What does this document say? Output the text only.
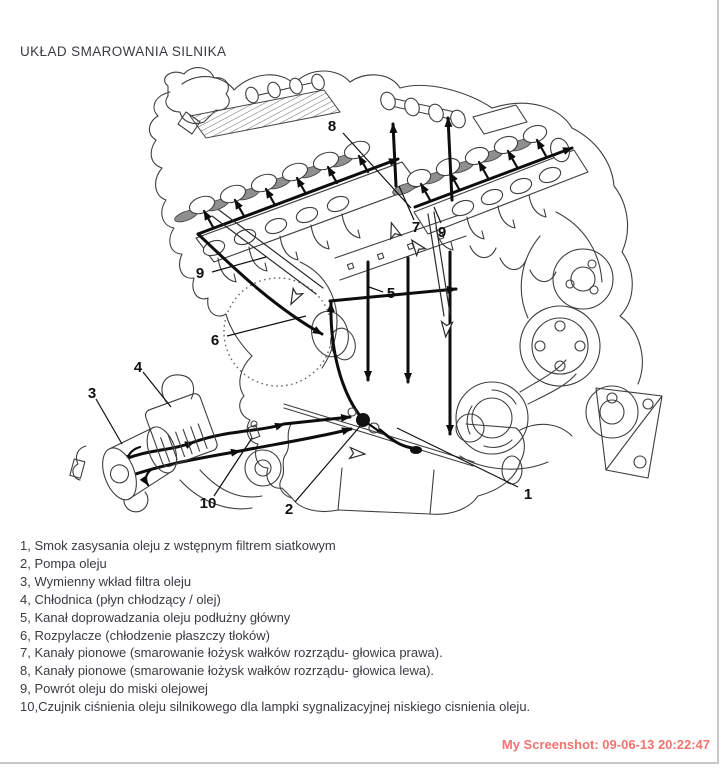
UKŁAD SMAROWANIA SILNIKA
8
7 9
9
5
6
4
3
10	2
1
1, Smok zasysania oleju z wstępnym filtrem siatkowym
2, Pompa oleju
3, Wymienny wkład filtra oleju
4, Chłodnica (płyn chłodzący / olej)
5, Kanał doprowadzania oleju podłużny główny
6, Rozpylacze (chłodzenie płaszczy tłoków)
7, Kanały pionowe (smarowanie łożysk wałków rozrządu- głowica prawa).
8, Kanały pionowe (smarowanie łożysk wałków rozrządu- głowica lewa).
9, Powrót oleju do miski olejowej
10,Czujnik ciśnienia oleju silnikowego dla lampki sygnalizacyjnej niskiego cisnienia oleju.
My Screenshot: 09-06-13 20:22:47
